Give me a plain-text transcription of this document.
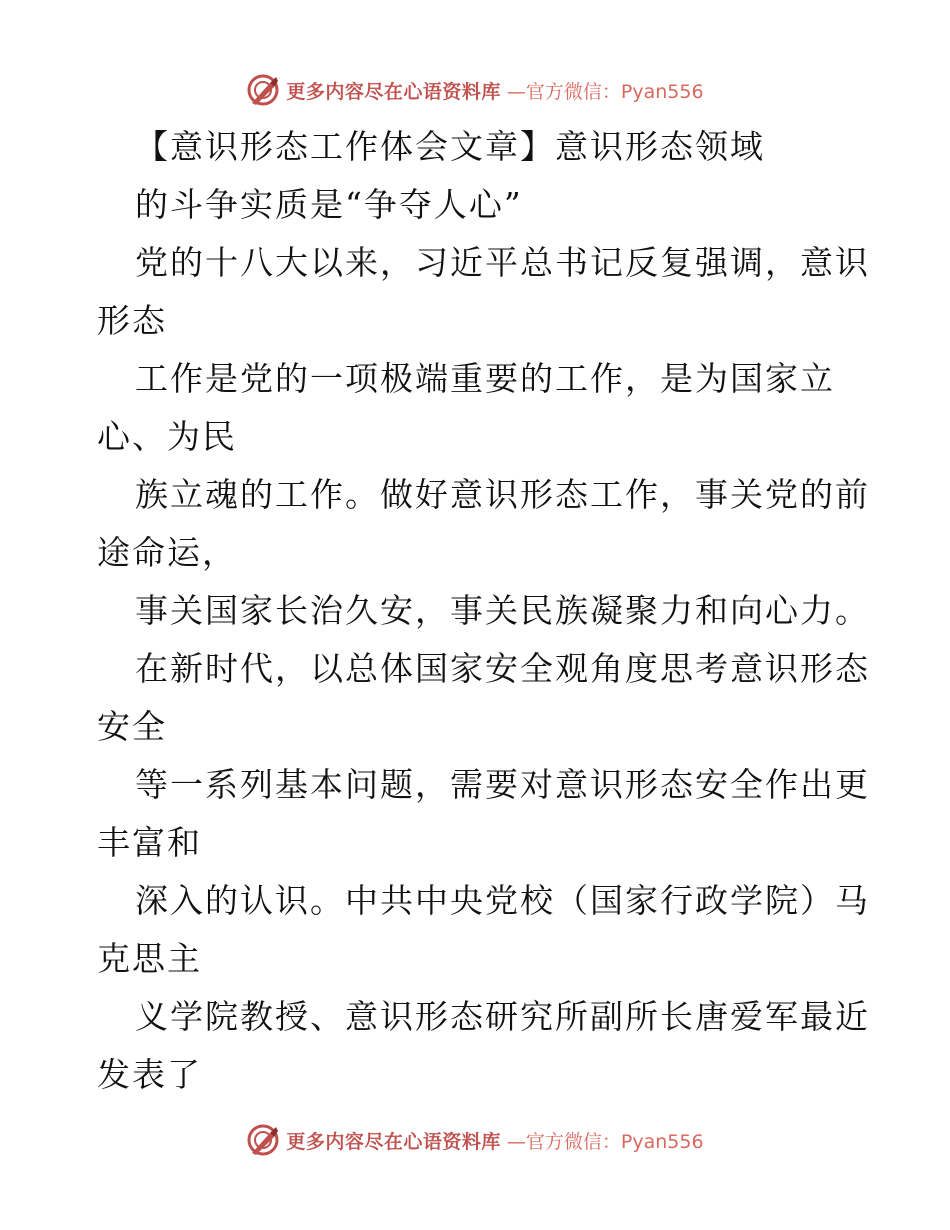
更多内容尽在心语资料库 —官方微信：Pyan556
【意识形态工作体会文章】意识形态领域
的斗争实质是“争夺人心”
党的十八大以来，习近平总书记反复强调，意识
形态
工作是党的一项极端重要的工作，是为国家立
心、为民
族立魂的工作。做好意识形态工作，事关党的前
途命运，
事关国家长治久安，事关民族凝聚力和向心力。
在新时代，以总体国家安全观角度思考意识形态
安全
等一系列基本问题，需要对意识形态安全作出更
丰富和
深入的认识。中共中央党校（国家行政学院）马
克思主
义学院教授、意识形态研究所副所长唐爱军最近
发表了
更多内容尽在心语资料库 —官方微信：Pyan556
